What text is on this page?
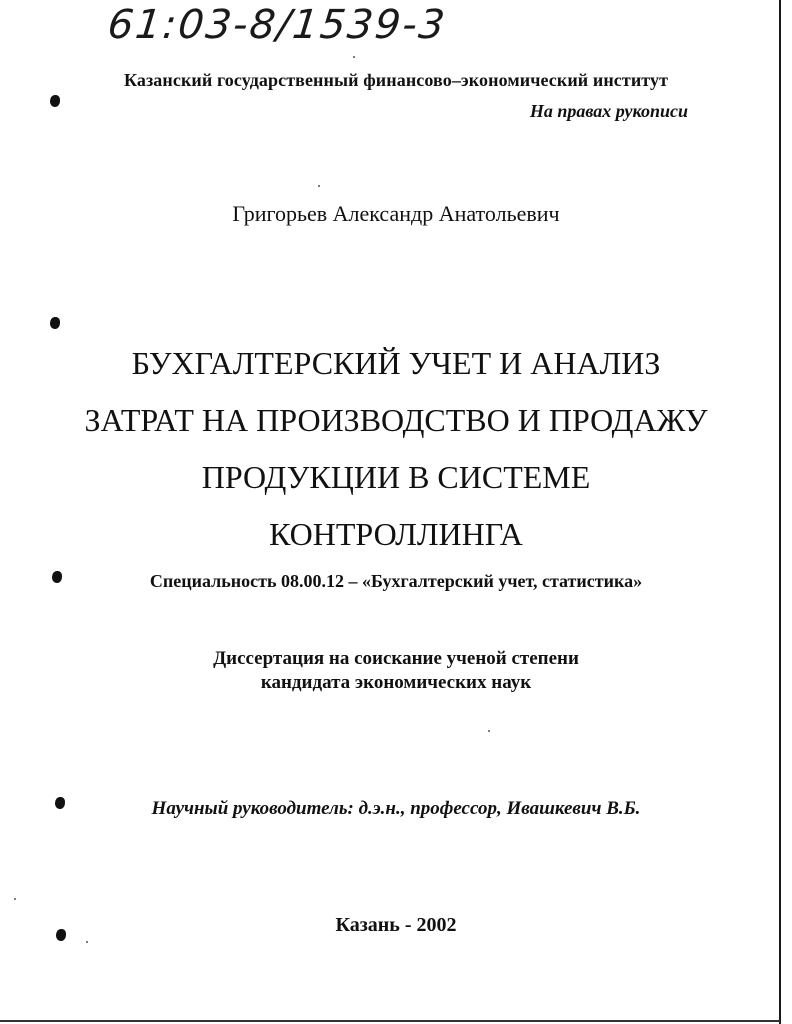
61:03-8/1539-3
Казанский государственный финансово–экономический институт
На правах рукописи
Григорьев Александр Анатольевич
БУХГАЛТЕРСКИЙ УЧЕТ И АНАЛИЗ
ЗАТРАТ НА ПРОИЗВОДСТВО И ПРОДАЖУ
ПРОДУКЦИИ В СИСТЕМЕ
КОНТРОЛЛИНГА
Специальность 08.00.12 – «Бухгалтерский учет, статистика»
Диссертация на соискание ученой степени
кандидата экономических наук
Научный руководитель: д.э.н., профессор, Ивашкевич В.Б.
Казань - 2002
